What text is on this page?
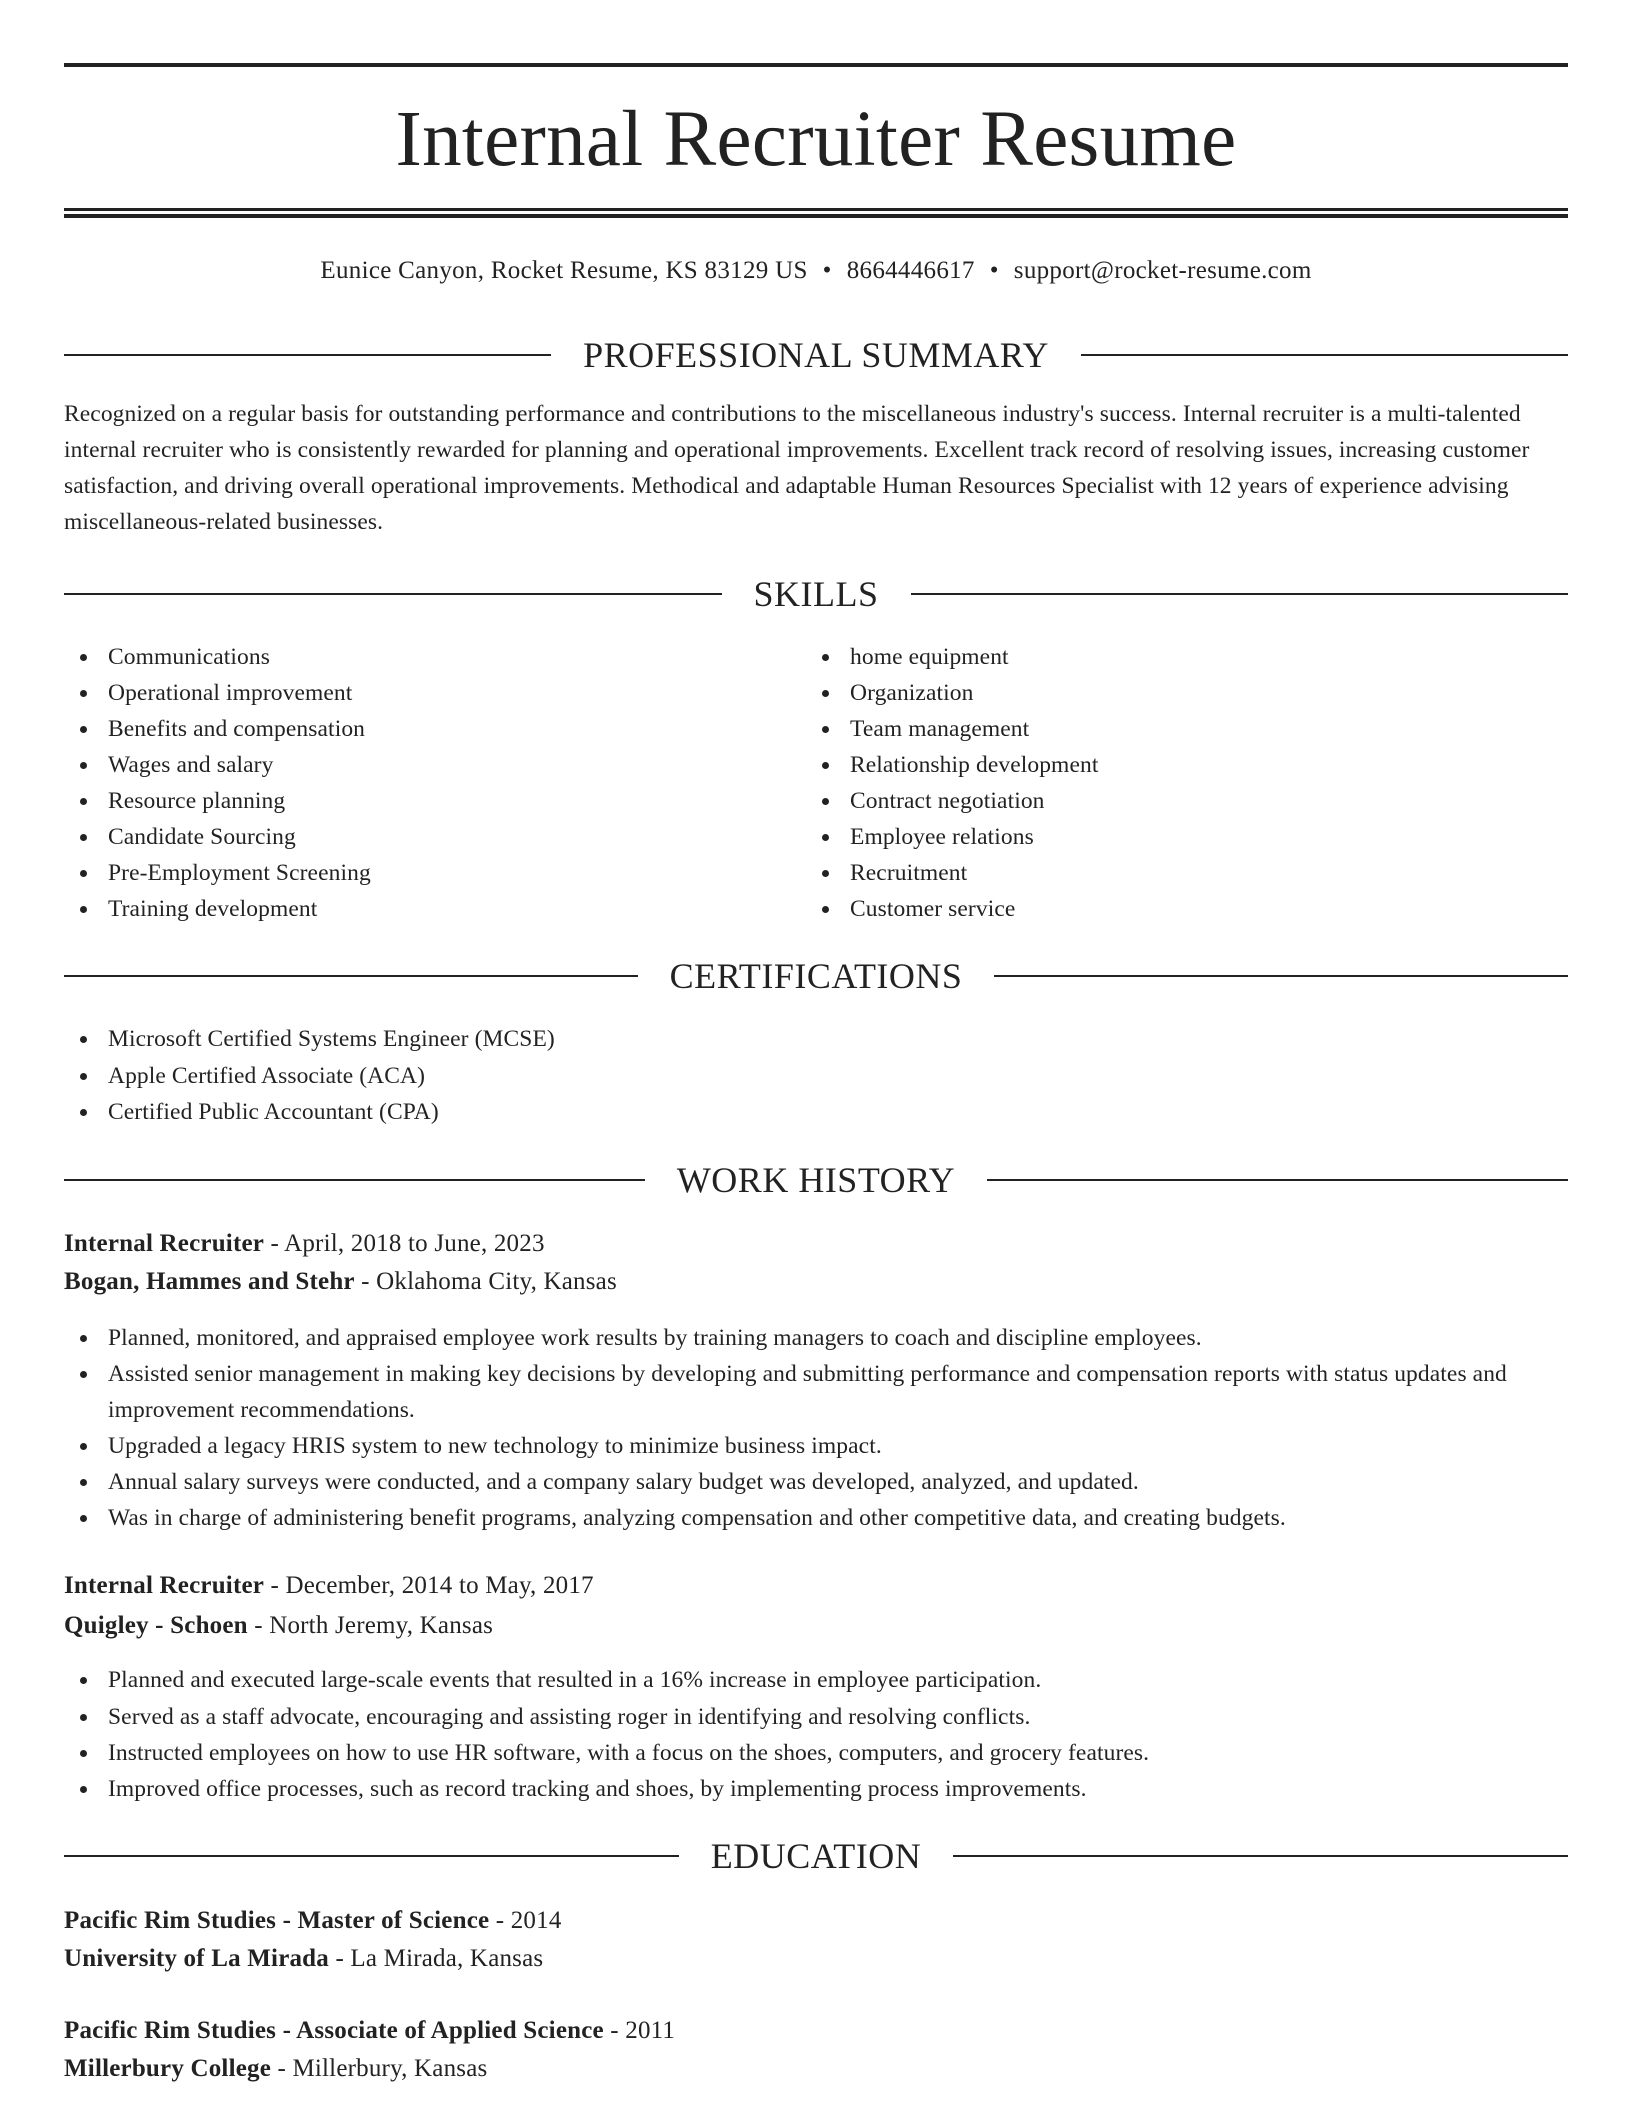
Internal Recruiter Resume
Eunice Canyon, Rocket Resume, KS 83129 US • 8664446617 • support@rocket-resume.com
PROFESSIONAL SUMMARY
Recognized on a regular basis for outstanding performance and contributions to the miscellaneous industry's success. Internal recruiter is a multi-talented internal recruiter who is consistently rewarded for planning and operational improvements. Excellent track record of resolving issues, increasing customer satisfaction, and driving overall operational improvements. Methodical and adaptable Human Resources Specialist with 12 years of experience advising miscellaneous-related businesses.
SKILLS
Communications
Operational improvement
Benefits and compensation
Wages and salary
Resource planning
Candidate Sourcing
Pre-Employment Screening
Training development
home equipment
Organization
Team management
Relationship development
Contract negotiation
Employee relations
Recruitment
Customer service
CERTIFICATIONS
Microsoft Certified Systems Engineer (MCSE)
Apple Certified Associate (ACA)
Certified Public Accountant (CPA)
WORK HISTORY
Internal Recruiter - April, 2018 to June, 2023
Bogan, Hammes and Stehr - Oklahoma City, Kansas
Planned, monitored, and appraised employee work results by training managers to coach and discipline employees.
Assisted senior management in making key decisions by developing and submitting performance and compensation reports with status updates and improvement recommendations.
Upgraded a legacy HRIS system to new technology to minimize business impact.
Annual salary surveys were conducted, and a company salary budget was developed, analyzed, and updated.
Was in charge of administering benefit programs, analyzing compensation and other competitive data, and creating budgets.
Internal Recruiter - December, 2014 to May, 2017
Quigley - Schoen - North Jeremy, Kansas
Planned and executed large-scale events that resulted in a 16% increase in employee participation.
Served as a staff advocate, encouraging and assisting roger in identifying and resolving conflicts.
Instructed employees on how to use HR software, with a focus on the shoes, computers, and grocery features.
Improved office processes, such as record tracking and shoes, by implementing process improvements.
EDUCATION
Pacific Rim Studies - Master of Science - 2014
University of La Mirada - La Mirada, Kansas
Pacific Rim Studies - Associate of Applied Science - 2011
Millerbury College - Millerbury, Kansas
